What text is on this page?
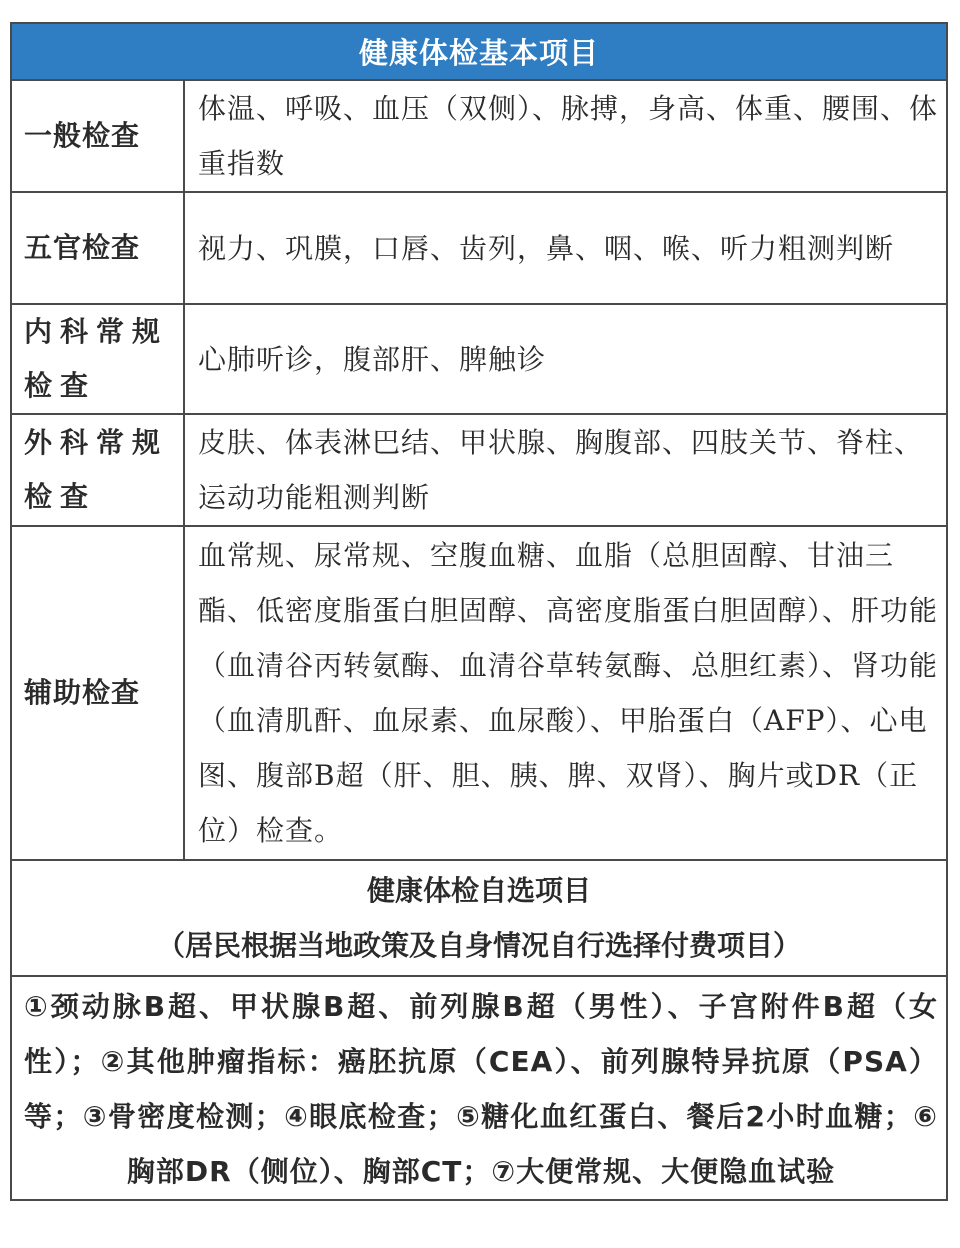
健康体检基本项目
一般检查
体温、呼吸、血压（双侧）、脉搏，身高、体重、腰围、体重指数
五官检查	视力、巩膜，口唇、齿列，鼻、咽、喉、听力粗测判断
内科常规检查
心肺听诊，腹部肝、脾触诊
外科常规检查
皮肤、体表淋巴结、甲状腺、胸腹部、四肢关节、脊柱、运动功能粗测判断
辅助检查
血常规、尿常规、空腹血糖、血脂（总胆固醇、甘油三酯、低密度脂蛋白胆固醇、高密度脂蛋白胆固醇）、肝功能（血清谷丙转氨酶、血清谷草转氨酶、总胆红素）、肾功能（血清肌酐、血尿素、血尿酸）、甲胎蛋白（AFP）、心电图、腹部B超（肝、胆、胰、脾、双肾）、胸片或DR（正位）检查。
健康体检自选项目
（居民根据当地政策及自身情况自行选择付费项目）
①颈动脉B超、甲状腺B超、前列腺B超（男性）、子宫附件B超（女性）；②其他肿瘤指标：癌胚抗原（CEA）、前列腺特异抗原（PSA）等；③骨密度检测；④眼底检查；⑤糖化血红蛋白、餐后2小时血糖；⑥胸部DR（侧位）、胸部CT；⑦大便常规、大便隐血试验
